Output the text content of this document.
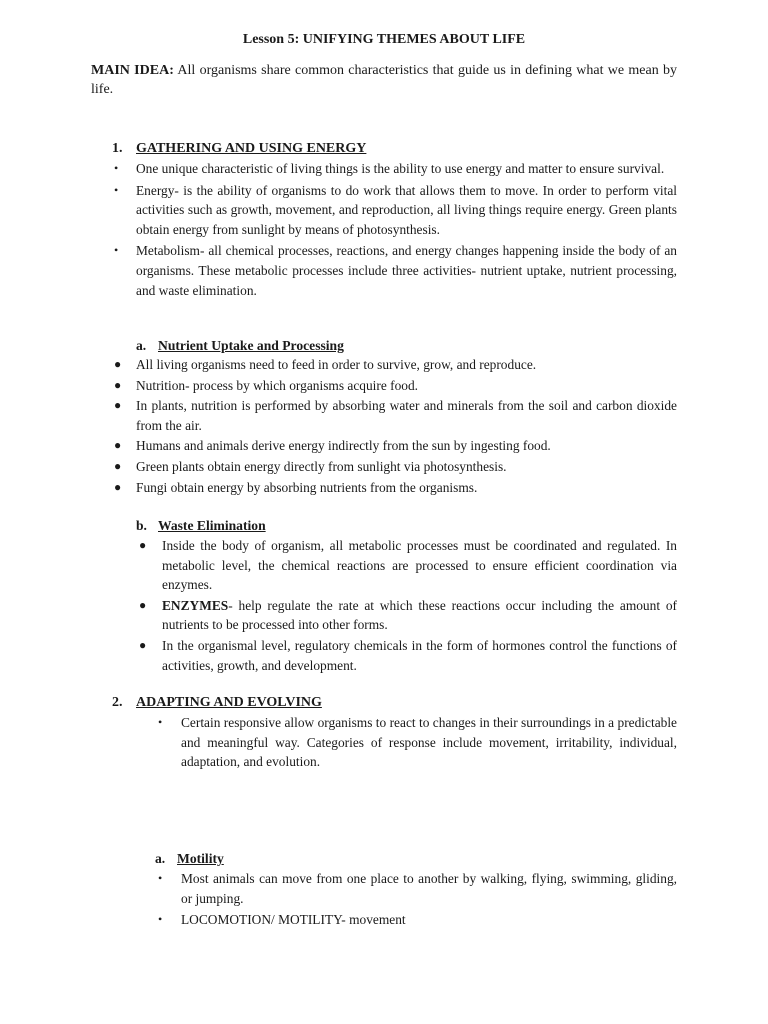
Lesson 5: UNIFYING THEMES ABOUT LIFE
MAIN IDEA: All organisms share common characteristics that guide us in defining what we mean by life.
1. GATHERING AND USING ENERGY
• One unique characteristic of living things is the ability to use energy and matter to ensure survival.
• Energy- is the ability of organisms to do work that allows them to move. In order to perform vital activities such as growth, movement, and reproduction, all living things require energy. Green plants obtain energy from sunlight by means of photosynthesis.
• Metabolism- all chemical processes, reactions, and energy changes happening inside the body of an organisms. These metabolic processes include three activities- nutrient uptake, nutrient processing, and waste elimination.
a. Nutrient Uptake and Processing
● All living organisms need to feed in order to survive, grow, and reproduce.
● Nutrition- process by which organisms acquire food.
● In plants, nutrition is performed by absorbing water and minerals from the soil and carbon dioxide from the air.
● Humans and animals derive energy indirectly from the sun by ingesting food.
● Green plants obtain energy directly from sunlight via photosynthesis.
● Fungi obtain energy by absorbing nutrients from the organisms.
b. Waste Elimination
● Inside the body of organism, all metabolic processes must be coordinated and regulated. In metabolic level, the chemical reactions are processed to ensure efficient coordination via enzymes.
● ENZYMES- help regulate the rate at which these reactions occur including the amount of nutrients to be processed into other forms.
● In the organismal level, regulatory chemicals in the form of hormones control the functions of activities, growth, and development.
2. ADAPTING AND EVOLVING
• Certain responsive allow organisms to react to changes in their surroundings in a predictable and meaningful way. Categories of response include movement, irritability, individual, adaptation, and evolution.
a. Motility
• Most animals can move from one place to another by walking, flying, swimming, gliding, or jumping.
• LOCOMOTION/ MOTILITY- movement
